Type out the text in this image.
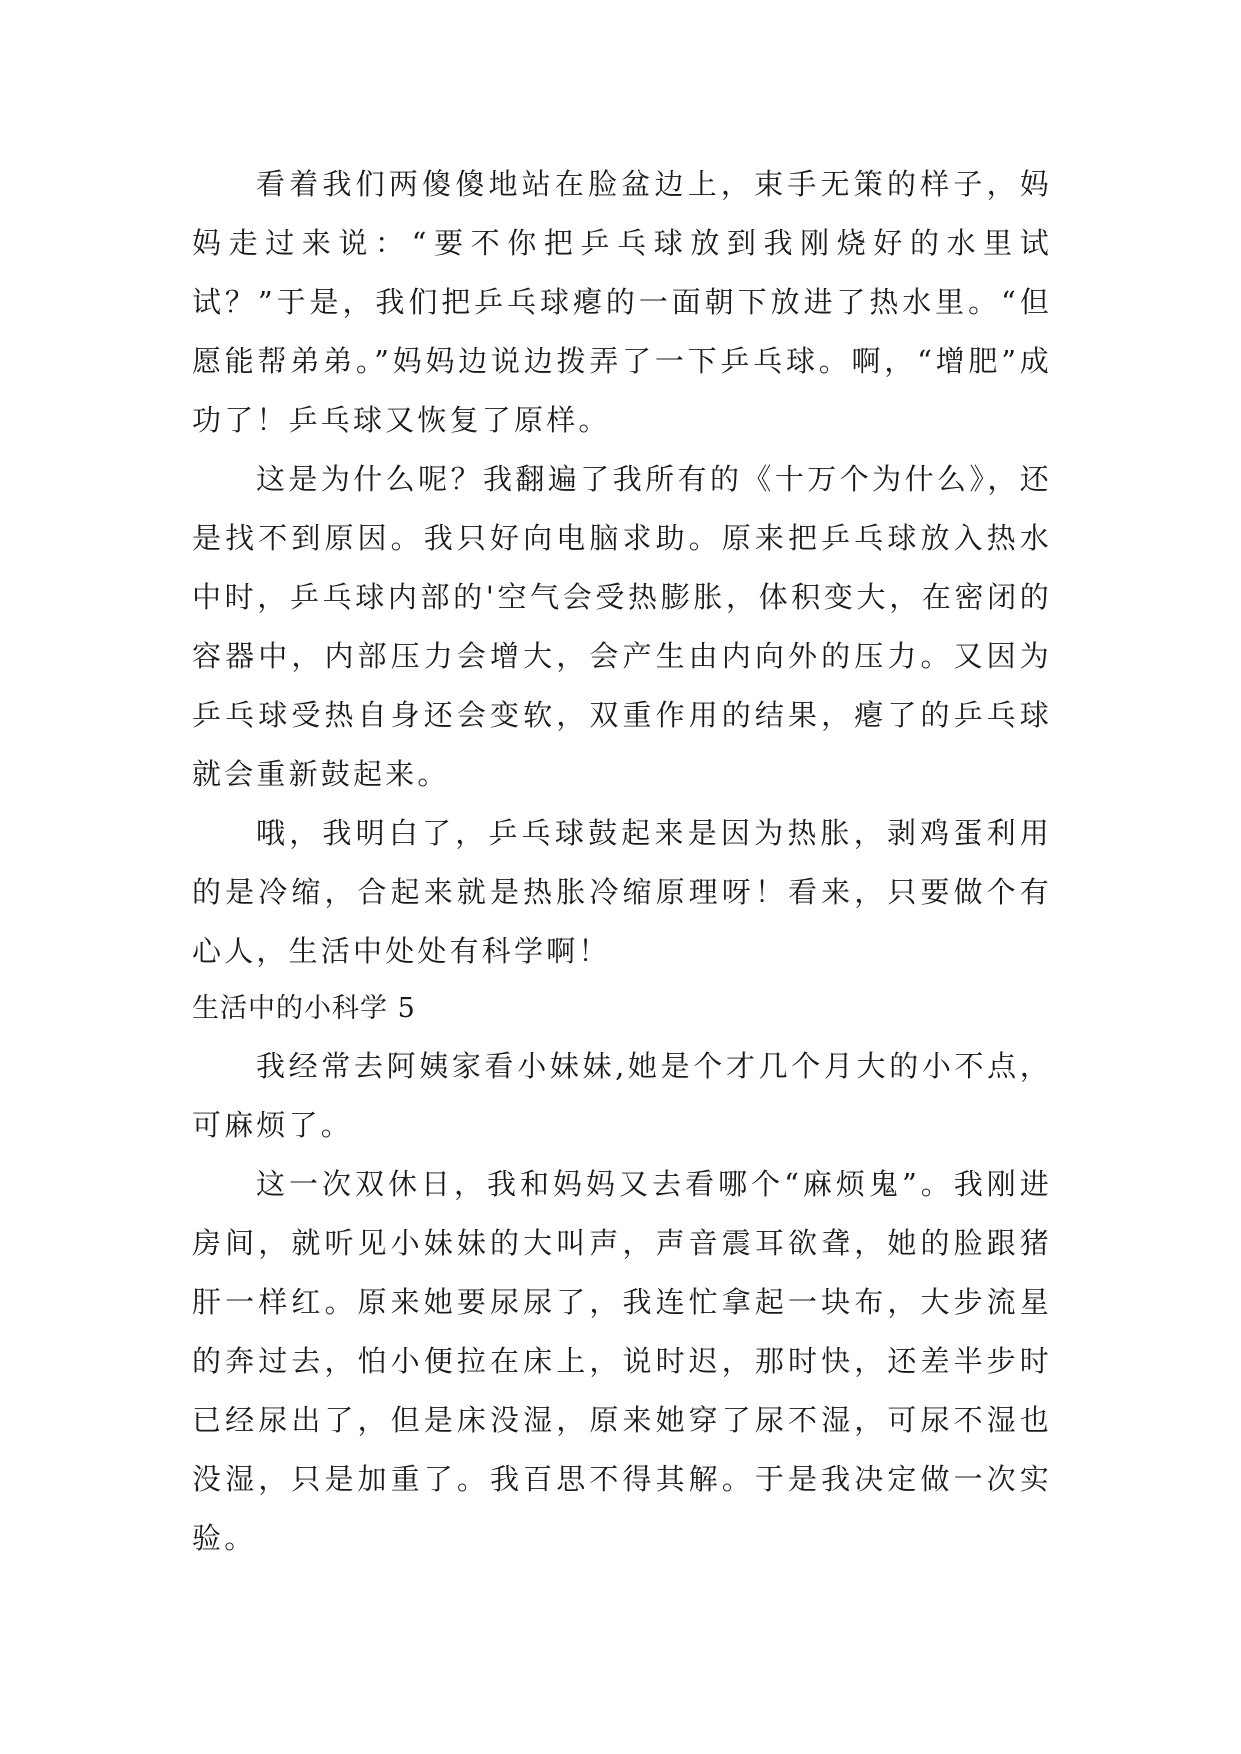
看着我们两傻傻地站在脸盆边上，束手无策的样子，妈妈走过来说：“要不你把乒乓球放到我刚烧好的水里试试？”于是，我们把乒乓球瘪的一面朝下放进了热水里。“但愿能帮弟弟。”妈妈边说边拨弄了一下乒乓球。啊，“增肥”成功了！乒乓球又恢复了原样。

这是为什么呢？我翻遍了我所有的《十万个为什么》，还是找不到原因。我只好向电脑求助。原来把乒乓球放入热水中时，乒乓球内部的'空气会受热膨胀，体积变大，在密闭的容器中，内部压力会增大，会产生由内向外的压力。又因为乒乓球受热自身还会变软，双重作用的结果，瘪了的乒乓球就会重新鼓起来。

哦，我明白了，乒乓球鼓起来是因为热胀，剥鸡蛋利用的是冷缩，合起来就是热胀冷缩原理呀！看来，只要做个有心人，生活中处处有科学啊！

生活中的小科学 5

我经常去阿姨家看小妹妹,她是个才几个月大的小不点，可麻烦了。

这一次双休日，我和妈妈又去看哪个“麻烦鬼”。我刚进房间，就听见小妹妹的大叫声，声音震耳欲聋，她的脸跟猪肝一样红。原来她要尿尿了，我连忙拿起一块布，大步流星的奔过去，怕小便拉在床上，说时迟，那时快，还差半步时已经尿出了，但是床没湿，原来她穿了尿不湿，可尿不湿也没湿，只是加重了。我百思不得其解。于是我决定做一次实验。
